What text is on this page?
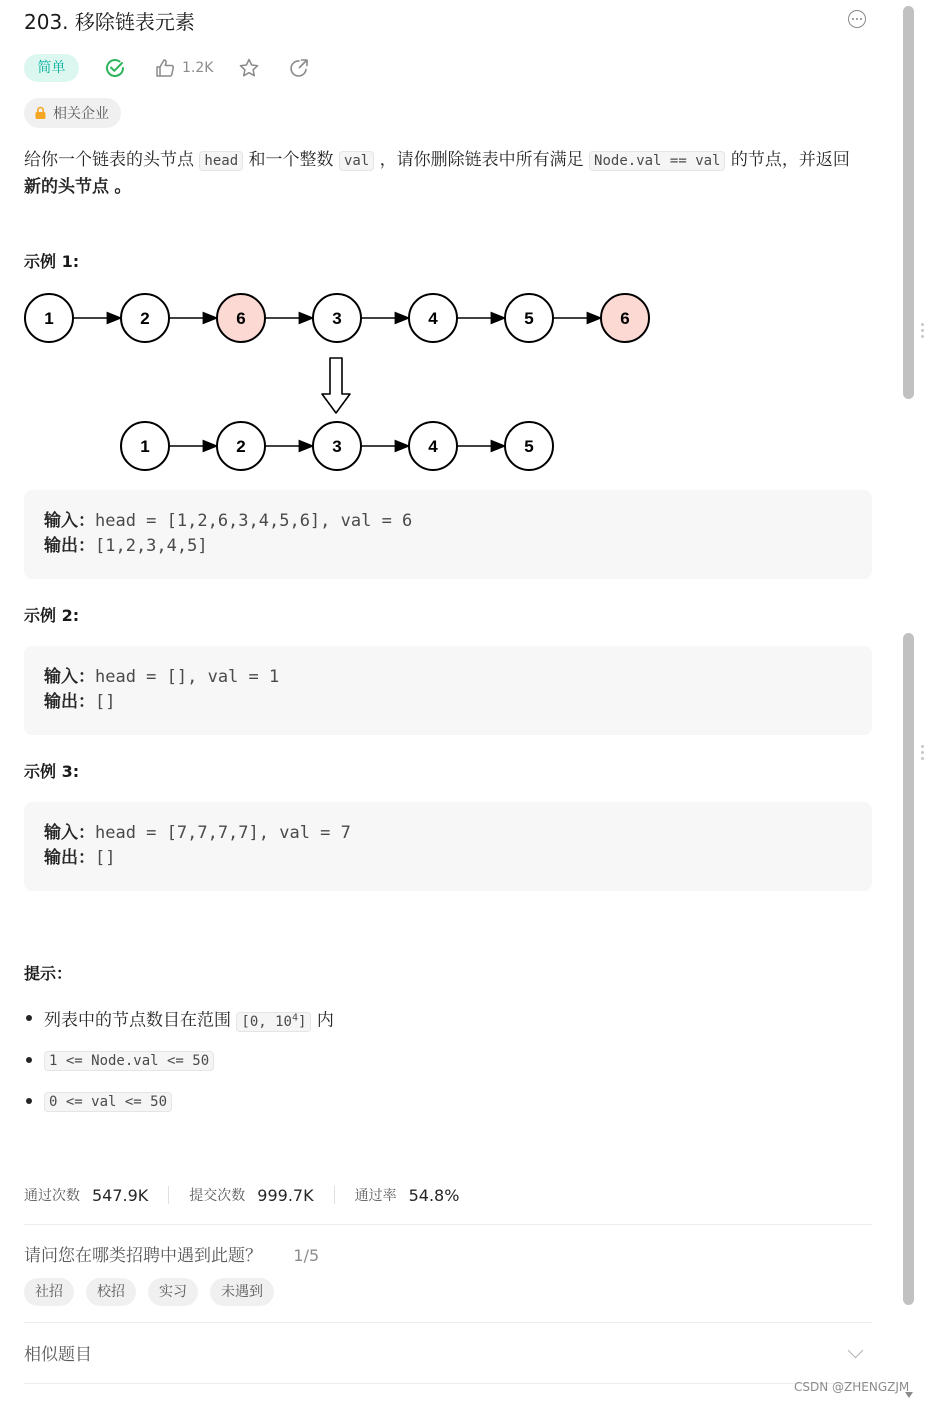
203. 移除链表元素
简单	1.2K
相关企业
给你一个链表的头节点 head 和一个整数 val ，请你删除链表中所有满足 Node.val == val 的节点，并返回
新的头节点 。
示例 1:
1	2	6	3	4	5	6
1	2	3	4	5
输入：head = [1,2,6,3,4,5,6], val = 6
输出：[1,2,3,4,5]
示例 2:
输入：head = [], val = 1
输出：[]
示例 3:
输入：head = [7,7,7,7], val = 7
输出：[]
提示：
列表中的节点数目在范围 [0, $10^4$] 内
1 <= Node.val <= 50
0 <= val <= 50
通过次数 547.9K	提交次数 999.7K	通过率 54.8%
请问您在哪类招聘中遇到此题？ 1/5
社招	校招	实习	未遇到
相似题目
CSDN @ZHENGZJM
